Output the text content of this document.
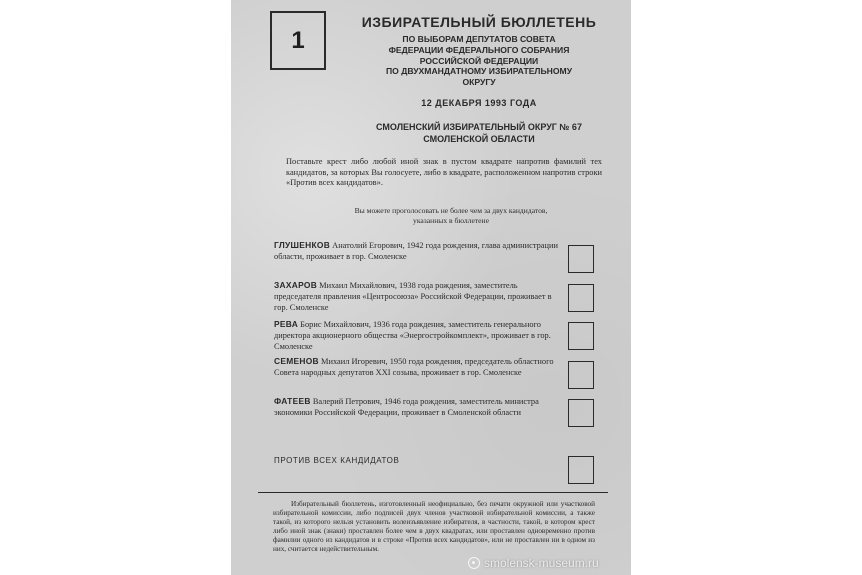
1
ИЗБИРАТЕЛЬНЫЙ БЮЛЛЕТЕНЬ
ПО ВЫБОРАМ ДЕПУТАТОВ СОВЕТА
ФЕДЕРАЦИИ ФЕДЕРАЛЬНОГО СОБРАНИЯ
РОССИЙСКОЙ ФЕДЕРАЦИИ
ПО ДВУХМАНДАТНОМУ ИЗБИРАТЕЛЬНОМУ
ОКРУГУ
12 ДЕКАБРЯ 1993 ГОДА
СМОЛЕНСКИЙ ИЗБИРАТЕЛЬНЫЙ ОКРУГ № 67
СМОЛЕНСКОЙ ОБЛАСТИ
Поставьте крест либо любой иной знак в пустом квадрате напротив фамилий тех кандидатов, за которых Вы голосуете, либо в квадрате, расположенном напротив строки «Против всех кандидатов».
Вы можете проголосовать не более чем за двух кандидатов,
указанных в бюллетене
ГЛУШЕНКОВ Анатолий Егорович, 1942 года рождения, глава администрации области, проживает в гор. Смоленске
ЗАХАРОВ Михаил Михайлович, 1938 года рождения, заместитель председателя правления «Центросоюза» Российской Федерации, проживает в гор. Смоленске
РЕВА Борис Михайлович, 1936 года рождения, заместитель генерального директора акционерного общества «Энергостройкомплект», проживает в гор. Смоленске
СЕМЕНОВ Михаил Игоревич, 1950 года рождения, председатель областного Совета народных депутатов XXI созыва, проживает в гор. Смоленске
ФАТЕЕВ Валерий Петрович, 1946 года рождения, заместитель министра экономики Российской Федерации, проживает в Смоленской области
ПРОТИВ ВСЕХ КАНДИДАТОВ
Избирательный бюллетень, изготовленный неофициально, без печати окружной или участковой избирательной комиссии, либо подписей двух членов участковой избирательной комиссии, а также такой, из которого нельзя установить волеизъявление избирателя, в частности, такой, в котором крест либо иной знак (знаки) проставлен более чем в двух квадратах, или проставлен одновременно против фамилии одного из кандидатов и в строке «Против всех кандидатов», или не проставлен ни в одном из них, считается недействительным.
smolensk-museum.ru
